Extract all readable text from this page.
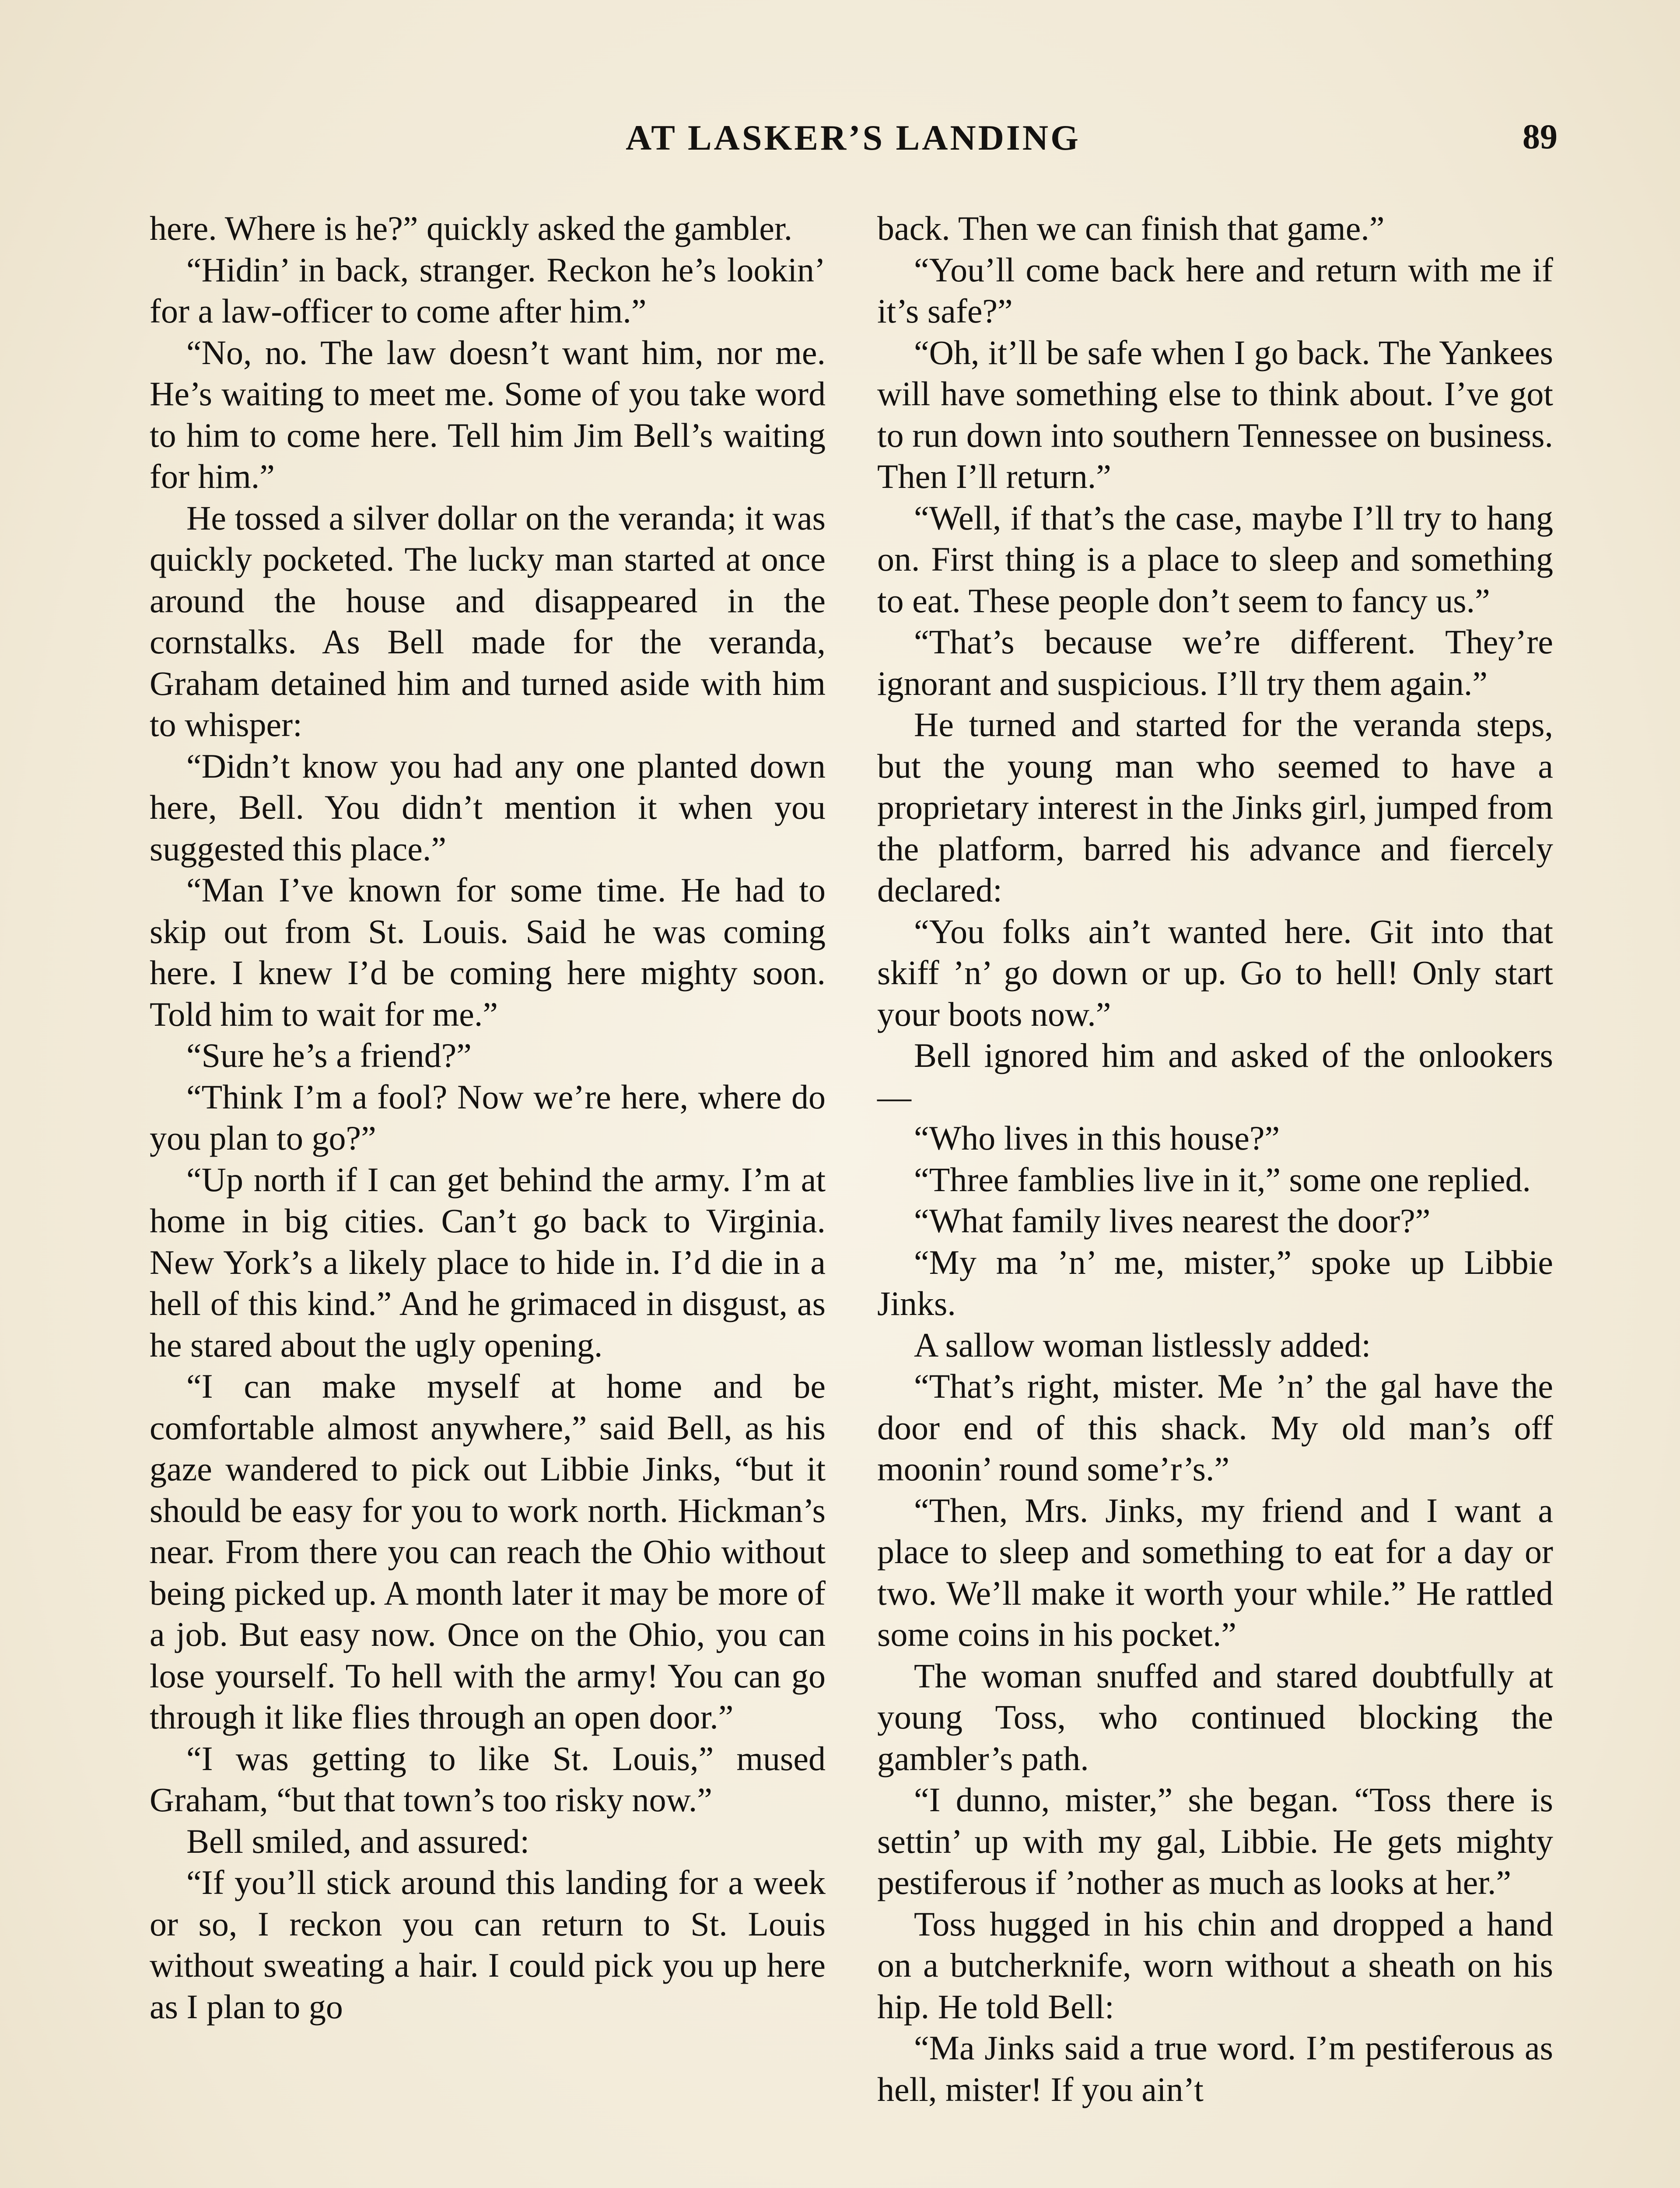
AT LASKER’S LANDING	89

here. Where is he?” quickly asked the gambler.

“Hidin’ in back, stranger. Reckon he’s lookin’ for a law-officer to come after him.”

“No, no. The law doesn’t want him, nor me. He’s waiting to meet me. Some of you take word to him to come here. Tell him Jim Bell’s waiting for him.”

He tossed a silver dollar on the veranda; it was quickly pocketed. The lucky man started at once around the house and disappeared in the cornstalks. As Bell made for the veranda, Graham detained him and turned aside with him to whisper:

“Didn’t know you had any one planted down here, Bell. You didn’t mention it when you suggested this place.”

“Man I’ve known for some time. He had to skip out from St. Louis. Said he was coming here. I knew I’d be coming here mighty soon. Told him to wait for me.”

“Sure he’s a friend?”

“Think I’m a fool? Now we’re here, where do you plan to go?”

“Up north if I can get behind the army. I’m at home in big cities. Can’t go back to Virginia. New York’s a likely place to hide in. I’d die in a hell of this kind.” And he grimaced in disgust, as he stared about the ugly opening.

“I can make myself at home and be comfortable almost anywhere,” said Bell, as his gaze wandered to pick out Libbie Jinks, “but it should be easy for you to work north. Hickman’s near. From there you can reach the Ohio without being picked up. A month later it may be more of a job. But easy now. Once on the Ohio, you can lose yourself. To hell with the army! You can go through it like flies through an open door.”

“I was getting to like St. Louis,” mused Graham, “but that town’s too risky now.”

Bell smiled, and assured:

“If you’ll stick around this landing for a week or so, I reckon you can return to St. Louis without sweating a hair. I could pick you up here as I plan to go

back. Then we can finish that game.”

“You’ll come back here and return with me if it’s safe?”

“Oh, it’ll be safe when I go back. The Yankees will have something else to think about. I’ve got to run down into southern Tennessee on business. Then I’ll return.”

“Well, if that’s the case, maybe I’ll try to hang on. First thing is a place to sleep and something to eat. These people don’t seem to fancy us.”

“That’s because we’re different. They’re ignorant and suspicious. I’ll try them again.”

He turned and started for the veranda steps, but the young man who seemed to have a proprietary interest in the Jinks girl, jumped from the platform, barred his advance and fiercely declared:

“You folks ain’t wanted here. Git into that skiff ’n’ go down or up. Go to hell! Only start your boots now.”

Bell ignored him and asked of the onlookers—

“Who lives in this house?”

“Three famblies live in it,” some one replied.

“What family lives nearest the door?”

“My ma ’n’ me, mister,” spoke up Libbie Jinks.

A sallow woman listlessly added:

“That’s right, mister. Me ’n’ the gal have the door end of this shack. My old man’s off moonin’ round some’r’s.”

“Then, Mrs. Jinks, my friend and I want a place to sleep and something to eat for a day or two. We’ll make it worth your while.” He rattled some coins in his pocket.”

The woman snuffed and stared doubtfully at young Toss, who continued blocking the gambler’s path.

“I dunno, mister,” she began. “Toss there is settin’ up with my gal, Libbie. He gets mighty pestiferous if ’nother as much as looks at her.”

Toss hugged in his chin and dropped a hand on a butcherknife, worn without a sheath on his hip. He told Bell:

“Ma Jinks said a true word. I’m pestiferous as hell, mister! If you ain’t
